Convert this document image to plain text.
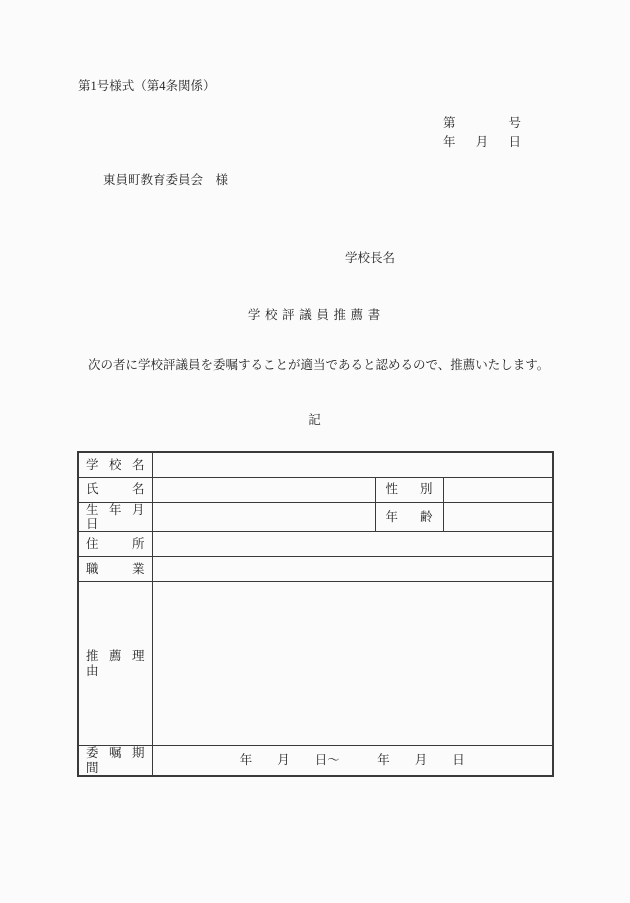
第1号様式（第4条関係）
第 号
年 月 日
東員町教育委員会　様
学校長名
学 校 評 議 員 推 薦 書
次の者に学校評議員を委嘱することが適当であると認めるので、推薦いたします。
記
学 校 名			

氏 名		性 別	

生 年 月 日		年 齢	

住 所			

職 業			

推 薦 理 由			

委 嘱 期 間	年　　月　　日～　　　年　　月　　日		
